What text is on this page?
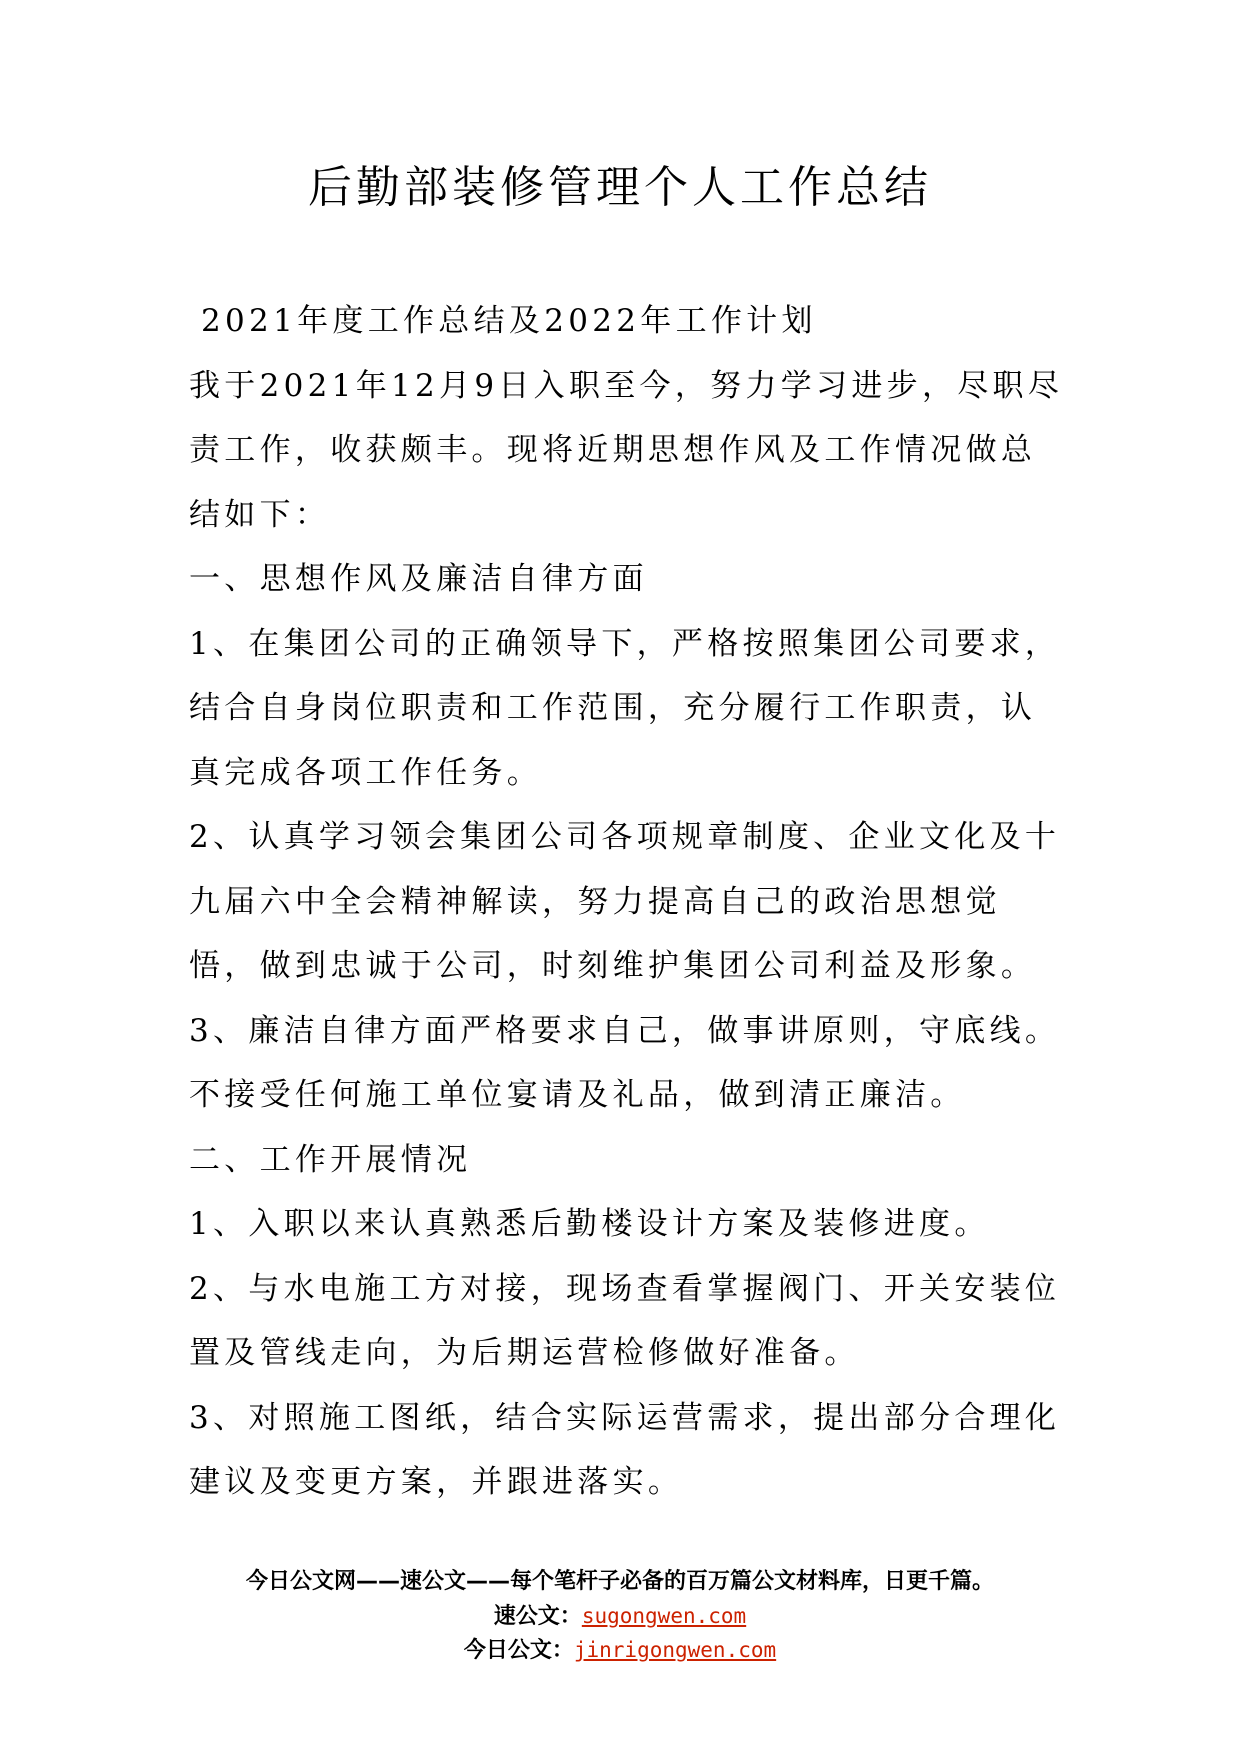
后勤部装修管理个人工作总结

2021年度工作总结及2022年工作计划

我于2021年12月9日入职至今，努力学习进步，尽职尽责工作，收获颇丰。现将近期思想作风及工作情况做总结如下：

一、思想作风及廉洁自律方面

1、在集团公司的正确领导下，严格按照集团公司要求，结合自身岗位职责和工作范围，充分履行工作职责，认真完成各项工作任务。

2、认真学习领会集团公司各项规章制度、企业文化及十九届六中全会精神解读，努力提高自己的政治思想觉悟，做到忠诚于公司，时刻维护集团公司利益及形象。

3、廉洁自律方面严格要求自己，做事讲原则，守底线。不接受任何施工单位宴请及礼品，做到清正廉洁。

二、工作开展情况

1、入职以来认真熟悉后勤楼设计方案及装修进度。

2、与水电施工方对接，现场查看掌握阀门、开关安装位置及管线走向，为后期运营检修做好准备。

3、对照施工图纸，结合实际运营需求，提出部分合理化建议及变更方案，并跟进落实。

今日公文网——速公文——每个笔杆子必备的百万篇公文材料库，日更千篇。
速公文：sugongwen.com
今日公文：jinrigongwen.com
